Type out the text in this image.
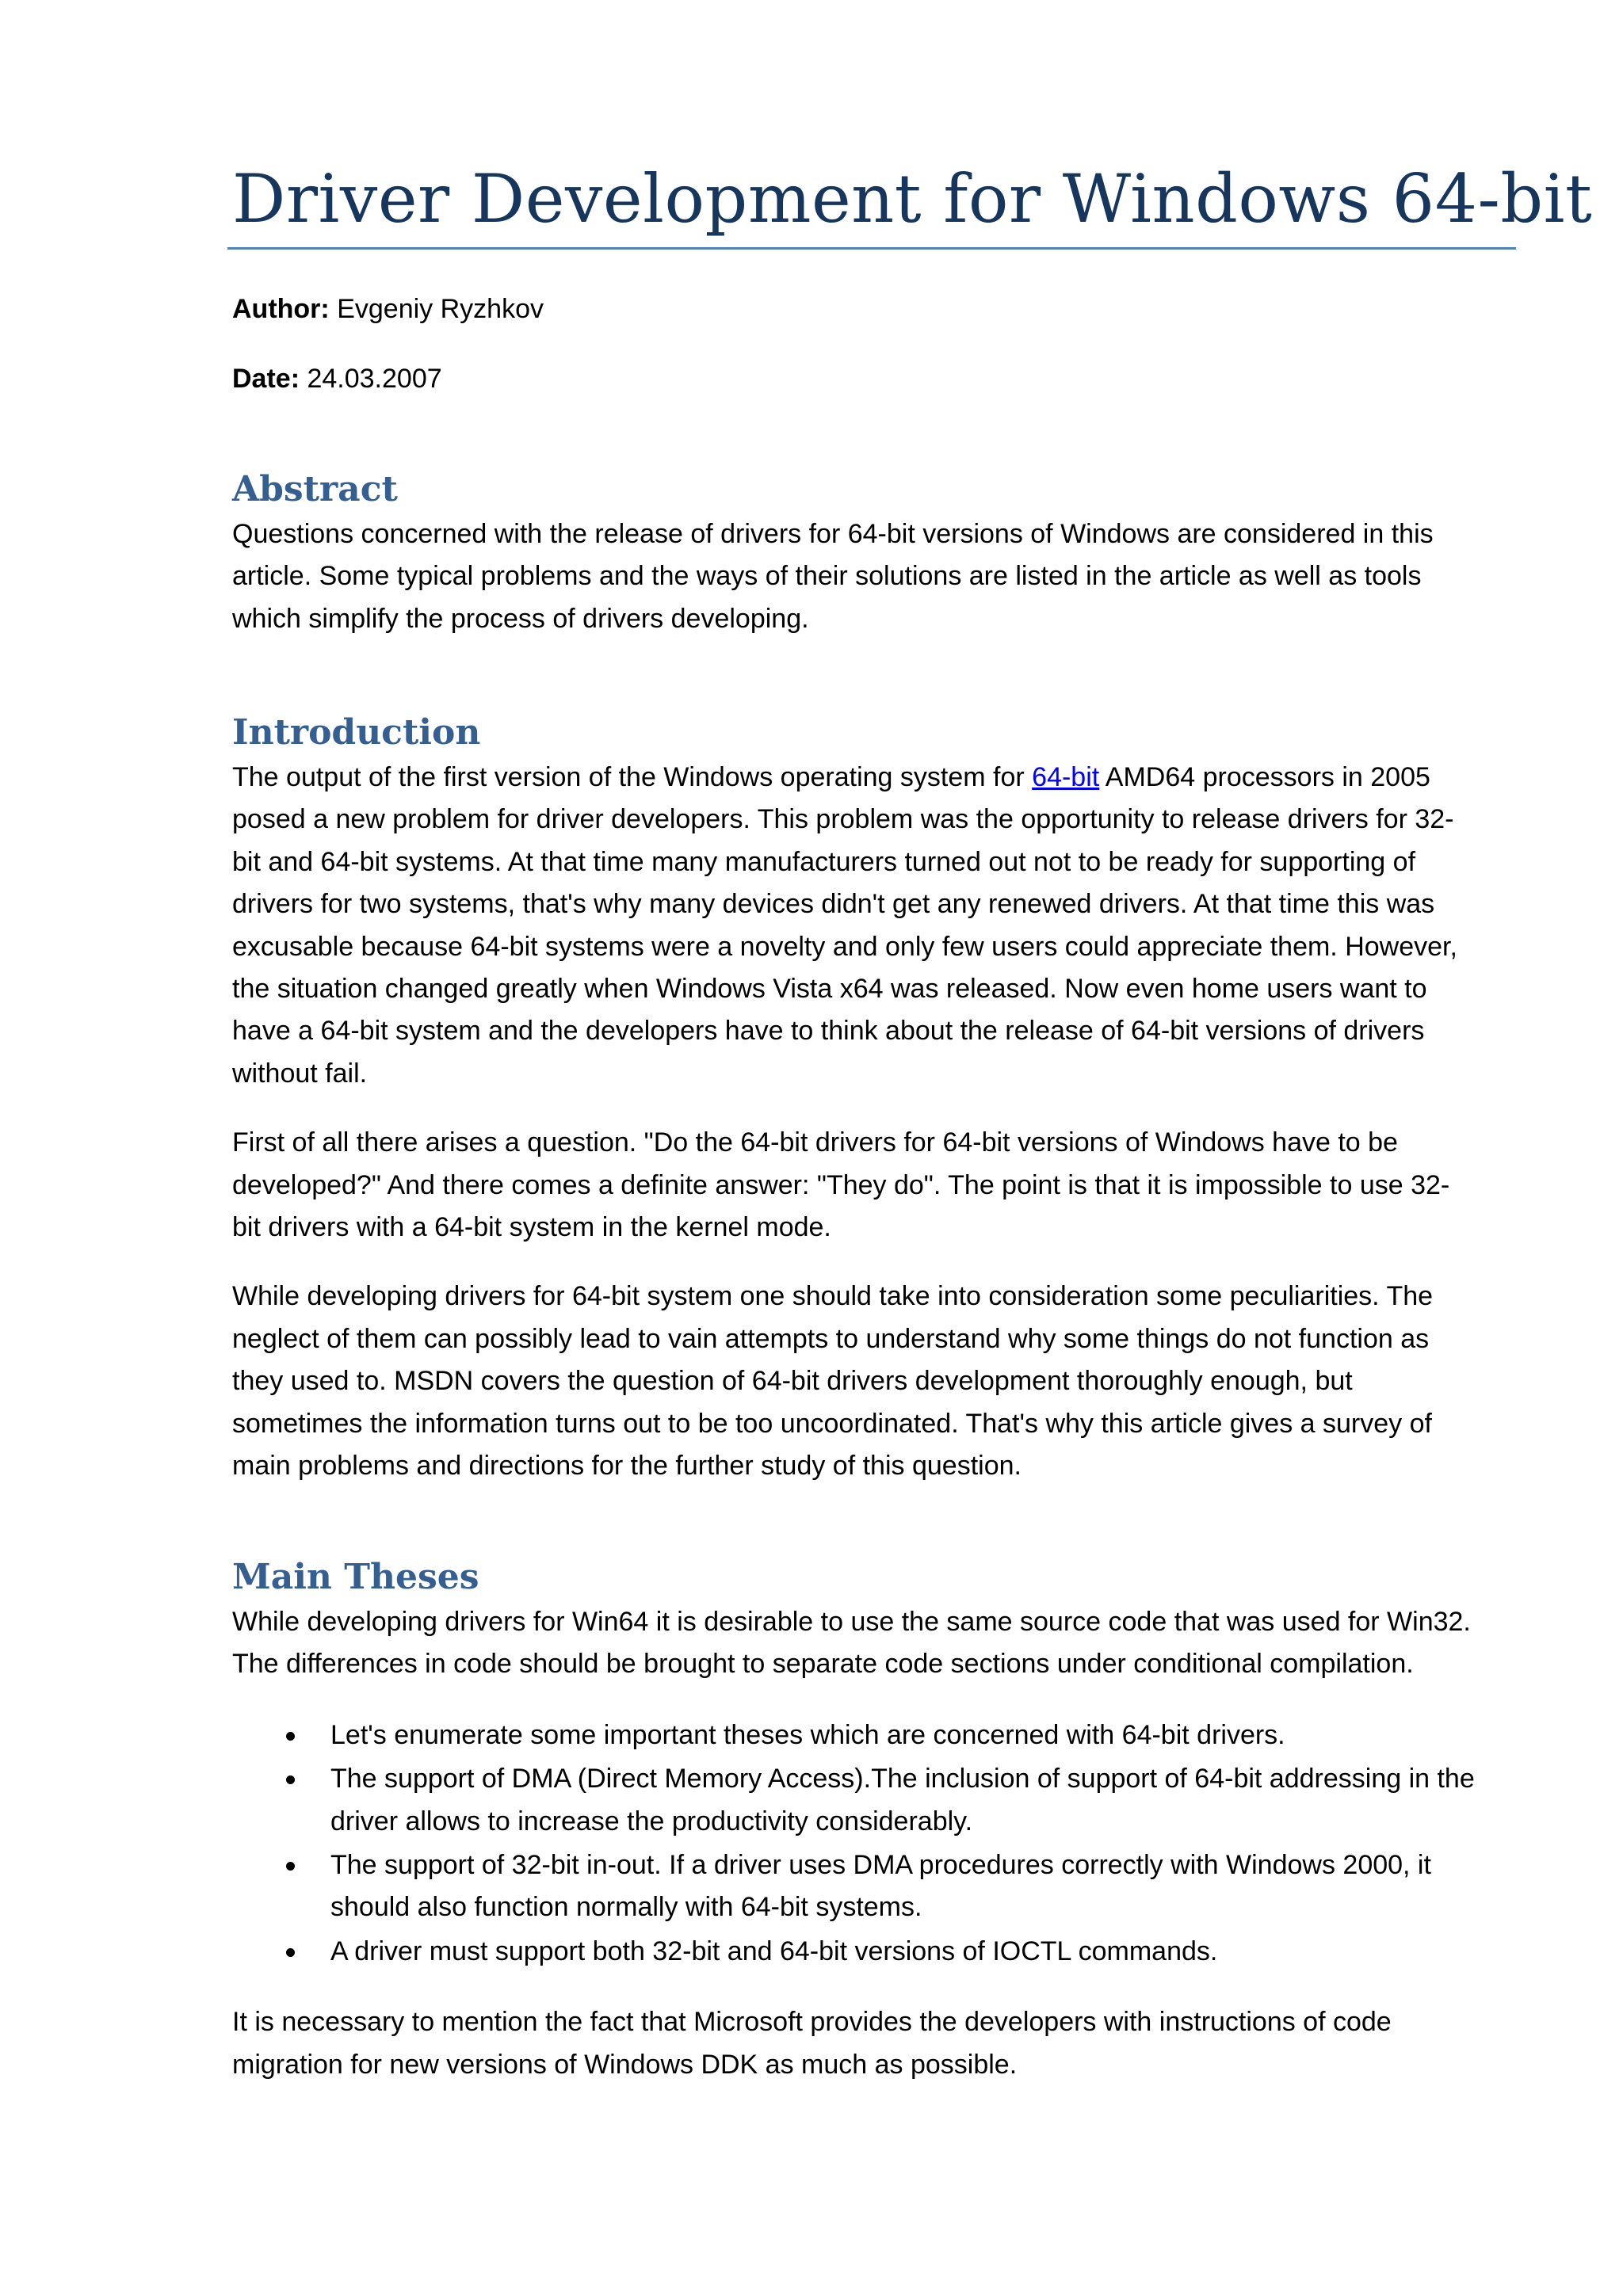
Driver Development for Windows 64-bit
Author: Evgeniy Ryzhkov
Date: 24.03.2007
Abstract

Questions concerned with the release of drivers for 64-bit versions of Windows are considered in this
article. Some typical problems and the ways of their solutions are listed in the article as well as tools
which simplify the process of drivers developing.

Introduction

The output of the first version of the Windows operating system for 64-bit AMD64 processors in 2005
posed a new problem for driver developers. This problem was the opportunity to release drivers for 32-
bit and 64-bit systems. At that time many manufacturers turned out not to be ready for supporting of
drivers for two systems, that's why many devices didn't get any renewed drivers. At that time this was
excusable because 64-bit systems were a novelty and only few users could appreciate them. However,
the situation changed greatly when Windows Vista x64 was released. Now even home users want to
have a 64-bit system and the developers have to think about the release of 64-bit versions of drivers
without fail.

First of all there arises a question. "Do the 64-bit drivers for 64-bit versions of Windows have to be
developed?" And there comes a definite answer: "They do". The point is that it is impossible to use 32-
bit drivers with a 64-bit system in the kernel mode.

While developing drivers for 64-bit system one should take into consideration some peculiarities. The
neglect of them can possibly lead to vain attempts to understand why some things do not function as
they used to. MSDN covers the question of 64-bit drivers development thoroughly enough, but
sometimes the information turns out to be too uncoordinated. That's why this article gives a survey of
main problems and directions for the further study of this question.

Main Theses

While developing drivers for Win64 it is desirable to use the same source code that was used for Win32.
The differences in code should be brought to separate code sections under conditional compilation.

Let's enumerate some important theses which are concerned with 64-bit drivers.
The support of DMA (Direct Memory Access).The inclusion of support of 64-bit addressing in the
driver allows to increase the productivity considerably.
The support of 32-bit in-out. If a driver uses DMA procedures correctly with Windows 2000, it
should also function normally with 64-bit systems.
A driver must support both 32-bit and 64-bit versions of IOCTL commands.

It is necessary to mention the fact that Microsoft provides the developers with instructions of code
migration for new versions of Windows DDK as much as possible.
